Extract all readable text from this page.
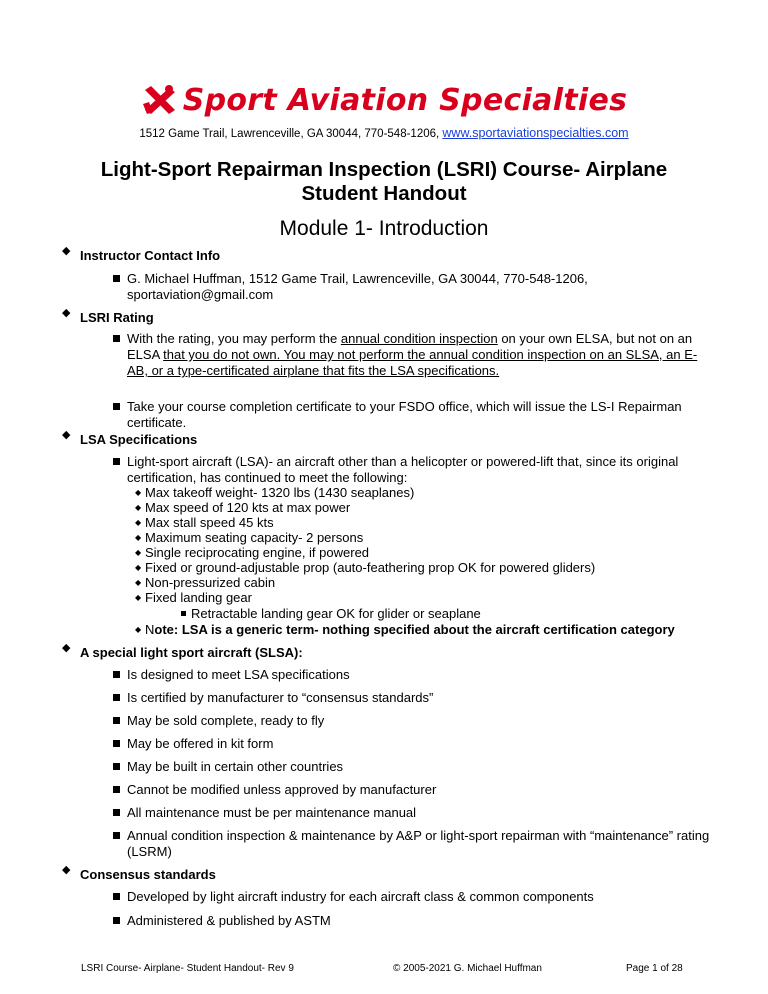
Sport Aviation Specialties
1512 Game Trail, Lawrenceville, GA 30044, 770-548-1206, www.sportaviationspecialties.com
Light-Sport Repairman Inspection (LSRI) Course- Airplane
Student Handout
Module 1- Introduction
◆ Instructor Contact Info
G. Michael Huffman, 1512 Game Trail, Lawrenceville, GA 30044, 770-548-1206,
sportaviation@gmail.com
◆ LSRI Rating
With the rating, you may perform the annual condition inspection on your own ELSA, but not on an
ELSA that you do not own. You may not perform the annual condition inspection on an SLSA, an E-
AB, or a type-certificated airplane that fits the LSA specifications.
Take your course completion certificate to your FSDO office, which will issue the LS-I Repairman
certificate.
◆ LSA Specifications
Light-sport aircraft (LSA)- an aircraft other than a helicopter or powered-lift that, since its original
certification, has continued to meet the following:
◆ Max takeoff weight- 1320 lbs (1430 seaplanes)
◆ Max speed of 120 kts at max power
◆ Max stall speed 45 kts
◆ Maximum seating capacity- 2 persons
◆ Single reciprocating engine, if powered
◆ Fixed or ground-adjustable prop (auto-feathering prop OK for powered gliders)
◆ Non-pressurized cabin
◆ Fixed landing gear
Retractable landing gear OK for glider or seaplane
◆ Note: LSA is a generic term- nothing specified about the aircraft certification category
◆ A special light sport aircraft (SLSA):
Is designed to meet LSA specifications
Is certified by manufacturer to “consensus standards”
May be sold complete, ready to fly
May be offered in kit form
May be built in certain other countries
Cannot be modified unless approved by manufacturer
All maintenance must be per maintenance manual
Annual condition inspection & maintenance by A&P or light-sport repairman with “maintenance” rating
(LSRM)
◆ Consensus standards
Developed by light aircraft industry for each aircraft class & common components
Administered & published by ASTM
LSRI Course- Airplane- Student Handout- Rev 9	© 2005-2021 G. Michael Huffman	Page 1 of 28
